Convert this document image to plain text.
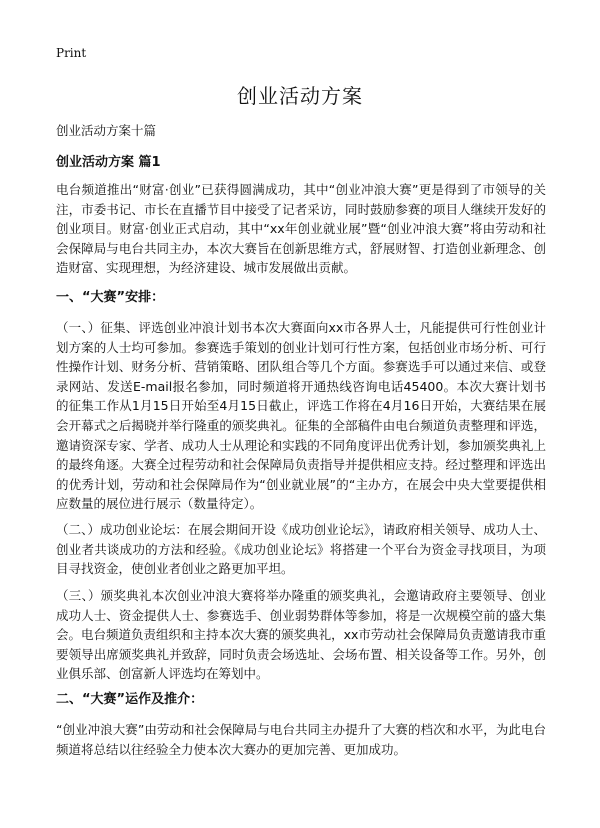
Print
创业活动方案

创业活动方案十篇

创业活动方案 篇1

电台频道推出“财富·创业”已获得圆满成功，其中“创业冲浪大赛”更是得到了市领导的关注，市委书记、市长在直播节目中接受了记者采访，同时鼓励参赛的项目人继续开发好的创业项目。财富·创业正式启动，其中“xx年创业就业展”暨“创业冲浪大赛”将由劳动和社会保障局与电台共同主办，本次大赛旨在创新思维方式，舒展财智、打造创业新理念、创造财富、实现理想，为经济建设、城市发展做出贡献。

一、“大赛”安排：

（一、）征集、评选创业冲浪计划书本次大赛面向xx市各界人士，凡能提供可行性创业计划方案的人士均可参加。参赛选手策划的创业计划可行性方案，包括创业市场分析、可行性操作计划、财务分析、营销策略、团队组合等几个方面。参赛选手可以通过来信、或登录网站、发送E-mail报名参加，同时频道将开通热线咨询电话45400。本次大赛计划书的征集工作从1月15日开始至4月15日截止，评选工作将在4月16日开始，大赛结果在展会开幕式之后揭晓并举行隆重的颁奖典礼。征集的全部稿件由电台频道负责整理和评选，邀请资深专家、学者、成功人士从理论和实践的不同角度评出优秀计划，参加颁奖典礼上的最终角逐。大赛全过程劳动和社会保障局负责指导并提供相应支持。经过整理和评选出的优秀计划，劳动和社会保障局作为“创业就业展”的“主办方，在展会中央大堂要提供相应数量的展位进行展示（数量待定）。

（二、）成功创业论坛：在展会期间开设《成功创业论坛》，请政府相关领导、成功人士、创业者共谈成功的方法和经验。《成功创业论坛》将搭建一个平台为资金寻找项目，为项目寻找资金，使创业者创业之路更加平坦。

（三、）颁奖典礼本次创业冲浪大赛将举办隆重的颁奖典礼，会邀请政府主要领导、创业成功人士、资金提供人士、参赛选手、创业弱势群体等参加，将是一次规模空前的盛大集会。电台频道负责组织和主持本次大赛的颁奖典礼，xx市劳动社会保障局负责邀请我市重要领导出席颁奖典礼并致辞，同时负责会场选址、会场布置、相关设备等工作。另外，创业俱乐部、创富新人评选均在筹划中。

二、“大赛”运作及推介：

“创业冲浪大赛”由劳动和社会保障局与电台共同主办提升了大赛的档次和水平，为此电台频道将总结以往经验全力使本次大赛办的更加完善、更加成功。
